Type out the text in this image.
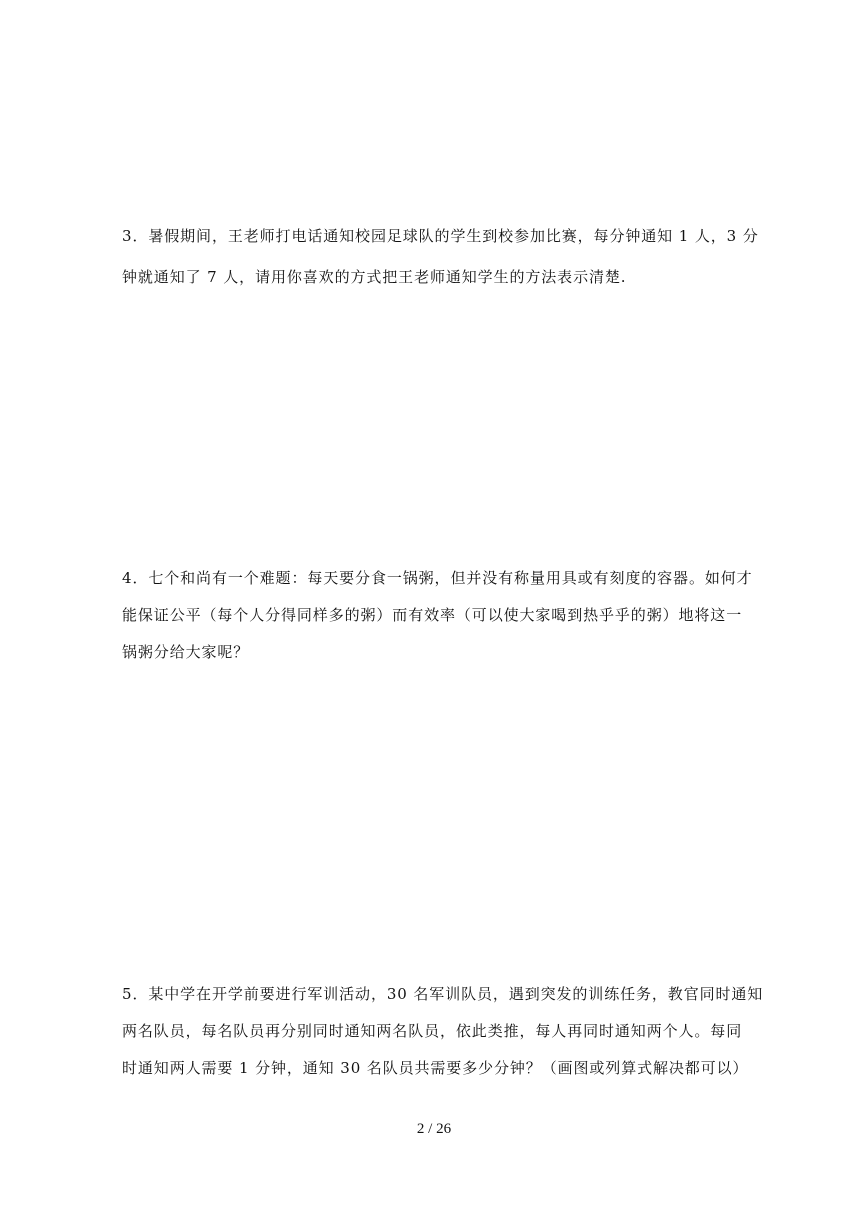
3．暑假期间，王老师打电话通知校园足球队的学生到校参加比赛，每分钟通知 1 人，3 分
钟就通知了 7 人，请用你喜欢的方式把王老师通知学生的方法表示清楚.
4．七个和尚有一个难题：每天要分食一锅粥，但并没有称量用具或有刻度的容器。如何才
能保证公平（每个人分得同样多的粥）而有效率（可以使大家喝到热乎乎的粥）地将这一
锅粥分给大家呢？
5．某中学在开学前要进行军训活动，30 名军训队员，遇到突发的训练任务，教官同时通知
两名队员，每名队员再分别同时通知两名队员，依此类推，每人再同时通知两个人。每同
时通知两人需要 1 分钟，通知 30 名队员共需要多少分钟？（画图或列算式解决都可以）
2 / 26
